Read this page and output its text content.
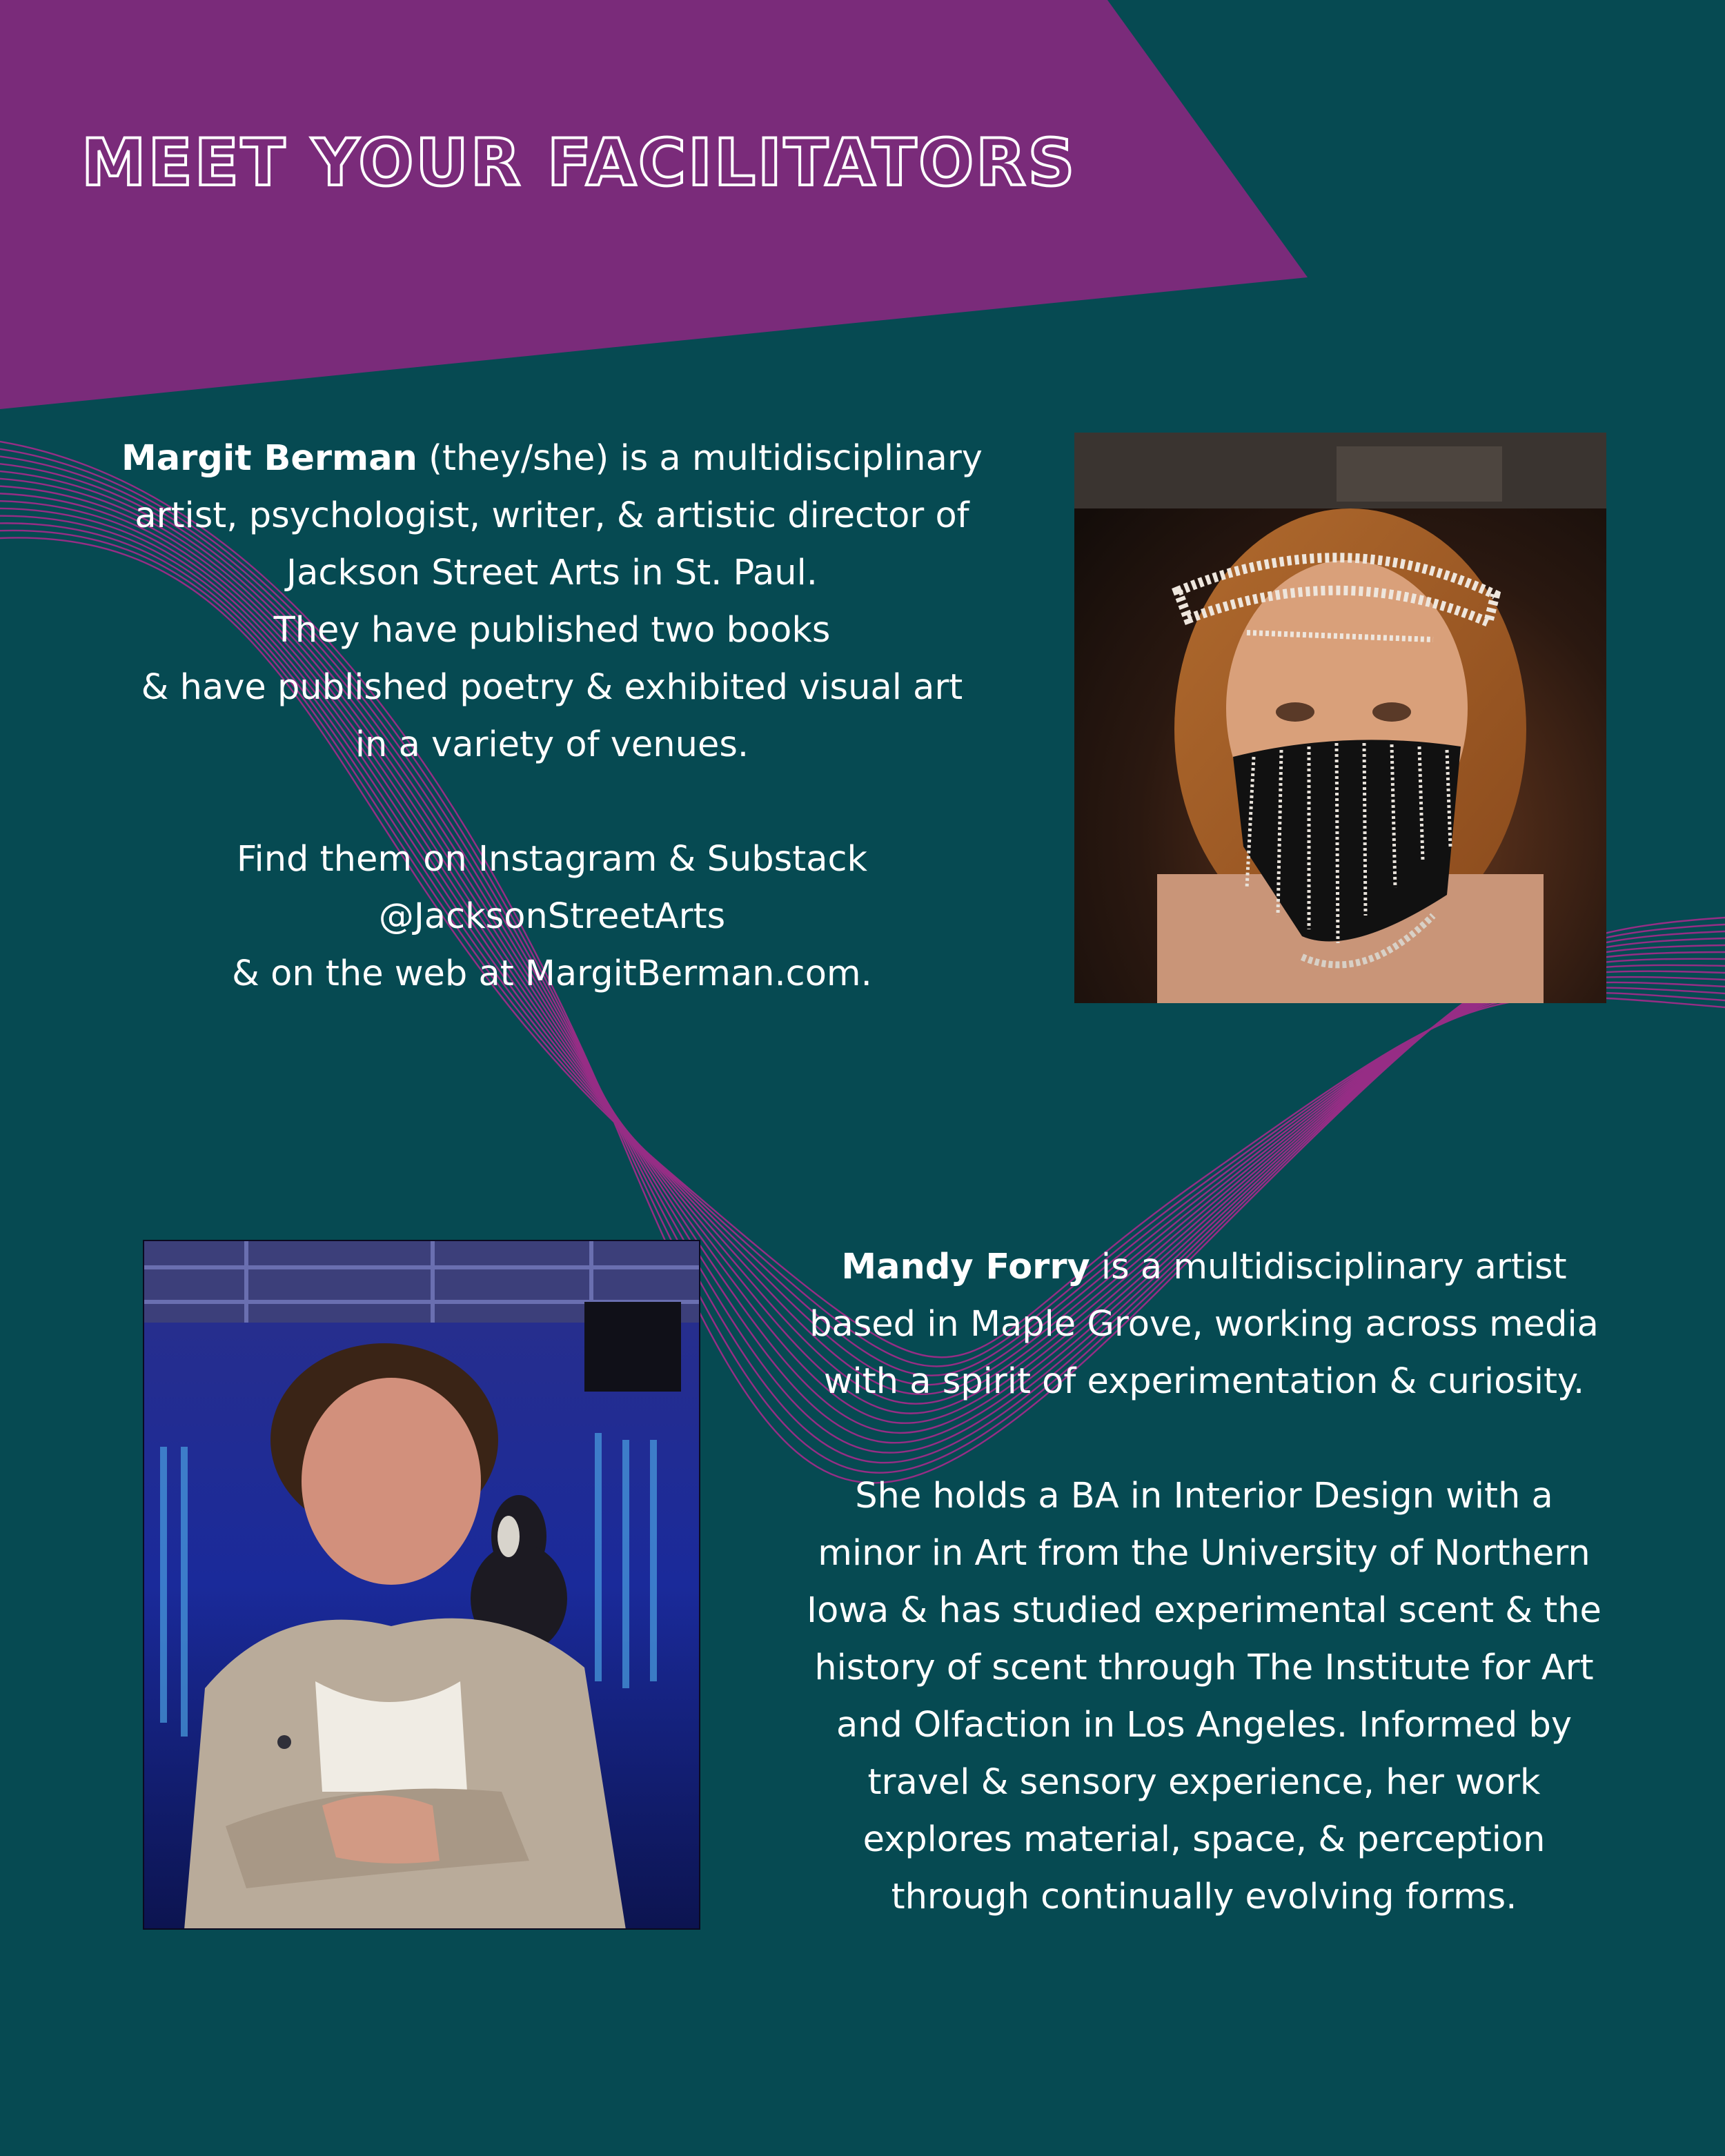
MEET YOUR FACILITATORS
Margit Berman (they/she) is a multidisciplinary
artist, psychologist, writer, & artistic director of
Jackson Street Arts in St. Paul.
They have published two books
& have published poetry & exhibited visual art
in a variety of venues.
Find them on Instagram & Substack
@JacksonStreetArts
& on the web at MargitBerman.com.
Mandy Forry is a multidisciplinary artist
based in Maple Grove, working across media
with a spirit of experimentation & curiosity.
She holds a BA in Interior Design with a
minor in Art from the University of Northern
Iowa & has studied experimental scent & the
history of scent through The Institute for Art
and Olfaction in Los Angeles. Informed by
travel & sensory experience, her work
explores material, space, & perception
through continually evolving forms.
